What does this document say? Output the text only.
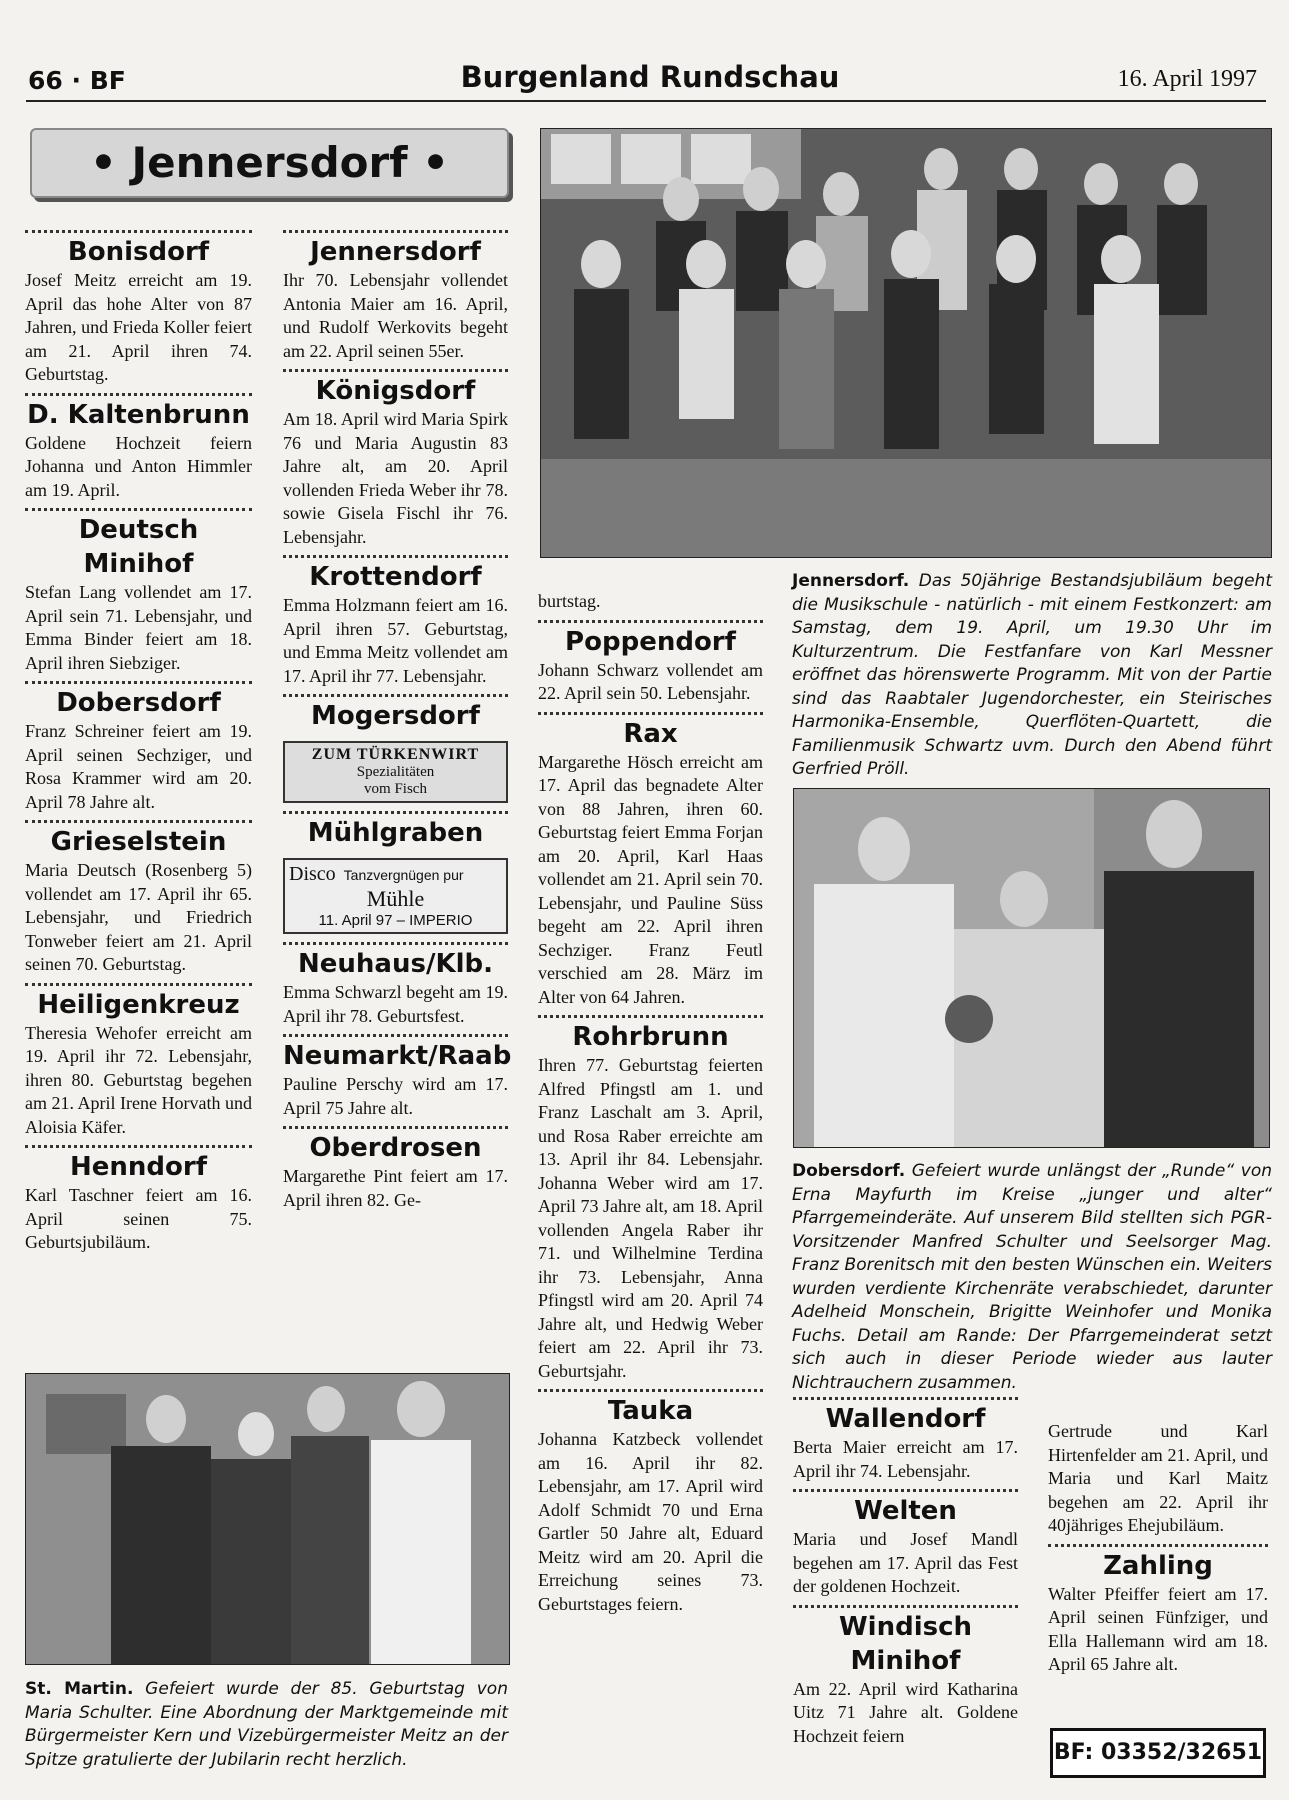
66 · BF	Burgenland Rundschau	16. April 1997
• Jennersdorf •
Bonisdorf

Josef Meitz erreicht am 19. April das hohe Alter von 87 Jahren, und Frieda Koller feiert am 21. April ihren 74. Geburtstag.

D. Kaltenbrunn

Goldene Hochzeit feiern Johanna und Anton Himmler am 19. April.

Deutsch Minihof

Stefan Lang vollendet am 17. April sein 71. Lebensjahr, und Emma Binder feiert am 18. April ihren Siebziger.

Dobersdorf

Franz Schreiner feiert am 19. April seinen Sechziger, und Rosa Krammer wird am 20. April 78 Jahre alt.

Grieselstein

Maria Deutsch (Rosenberg 5) vollendet am 17. April ihr 65. Lebensjahr, und Friedrich Tonweber feiert am 21. April seinen 70. Geburtstag.

Heiligenkreuz

Theresia Wehofer erreicht am 19. April ihr 72. Lebensjahr, ihren 80. Geburtstag begehen am 21. April Irene Horvath und Aloisia Käfer.

Henndorf

Karl Taschner feiert am 16. April seinen 75. Geburtsjubiläum.

Jennersdorf

Ihr 70. Lebensjahr vollendet Antonia Maier am 16. April, und Rudolf Werkovits begeht am 22. April seinen 55er.

Königsdorf

Am 18. April wird Maria Spirk 76 und Maria Augustin 83 Jahre alt, am 20. April vollenden Frieda Weber ihr 78. sowie Gisela Fischl ihr 76. Lebensjahr.

Krottendorf

Emma Holzmann feiert am 16. April ihren 57. Geburtstag, und Emma Meitz vollendet am 17. April ihr 77. Lebensjahr.

Mogersdorf
ZUM TÜRKENWIRT
Spezialitäten
vom Fisch
Mühlgraben
Disco Tanzvergnügen pur
Mühle
11. April 97 – IMPERIO
Neuhaus/Klb.

Emma Schwarzl begeht am 19. April ihr 78. Geburtsfest.

Neumarkt/Raab

Pauline Perschy wird am 17. April 75 Jahre alt.

Oberdrosen

Margarethe Pint feiert am 17. April ihren 82. Ge-

burtstag.

Poppendorf

Johann Schwarz vollendet am 22. April sein 50. Lebensjahr.

Rax

Margarethe Hösch erreicht am 17. April das begnadete Alter von 88 Jahren, ihren 60. Geburtstag feiert Emma Forjan am 20. April, Karl Haas vollendet am 21. April sein 70. Lebensjahr, und Pauline Süss begeht am 22. April ihren Sechziger. Franz Feutl verschied am 28. März im Alter von 64 Jahren.

Rohrbrunn

Ihren 77. Geburtstag feierten Alfred Pfingstl am 1. und Franz Laschalt am 3. April, und Rosa Raber erreichte am 13. April ihr 84. Lebensjahr. Johanna Weber wird am 17. April 73 Jahre alt, am 18. April vollenden Angela Raber ihr 71. und Wilhelmine Terdina ihr 73. Lebensjahr, Anna Pfingstl wird am 20. April 74 Jahre alt, und Hedwig Weber feiert am 22. April ihr 73. Geburtsjahr.

Tauka

Johanna Katzbeck vollendet am 16. April ihr 82. Lebensjahr, am 17. April wird Adolf Schmidt 70 und Erna Gartler 50 Jahre alt, Eduard Meitz wird am 20. April die Erreichung seines 73. Geburtstages feiern.

Jennersdorf. Das 50jährige Bestandsjubiläum begeht die Musikschule - natürlich - mit einem Festkonzert: am Samstag, dem 19. April, um 19.30 Uhr im Kulturzentrum. Die Festfanfare von Karl Messner eröffnet das hörenswerte Programm. Mit von der Partie sind das Raabtaler Jugendorchester, ein Steirisches Harmonika-Ensemble, Querflöten-Quartett, die Familienmusik Schwartz uvm. Durch den Abend führt Gerfried Pröll.
Dobersdorf. Gefeiert wurde unlängst der „Runde“ von Erna Mayfurth im Kreise „junger und alter“ Pfarrgemeinderäte. Auf unserem Bild stellten sich PGR-Vorsitzender Manfred Schulter und Seelsorger Mag. Franz Borenitsch mit den besten Wünschen ein. Weiters wurden verdiente Kirchenräte verabschiedet, darunter Adelheid Monschein, Brigitte Weinhofer und Monika Fuchs. Detail am Rande: Der Pfarrgemeinderat setzt sich auch in dieser Periode wieder aus lauter Nichtrauchern zusammen.
Wallendorf

Berta Maier erreicht am 17. April ihr 74. Lebensjahr.

Welten

Maria und Josef Mandl begehen am 17. April das Fest der goldenen Hochzeit.

Windisch Minihof

Am 22. April wird Katharina Uitz 71 Jahre alt. Goldene Hochzeit feiern

Gertrude und Karl Hirtenfelder am 21. April, und Maria und Karl Maitz begehen am 22. April ihr 40jähriges Ehejubiläum.

Zahling

Walter Pfeiffer feiert am 17. April seinen Fünfziger, und Ella Hallemann wird am 18. April 65 Jahre alt.

St. Martin. Gefeiert wurde der 85. Geburtstag von Maria Schulter. Eine Abordnung der Marktgemeinde mit Bürgermeister Kern und Vizebürgermeister Meitz an der Spitze gratulierte der Jubilarin recht herzlich.	BF: 03352/32651
